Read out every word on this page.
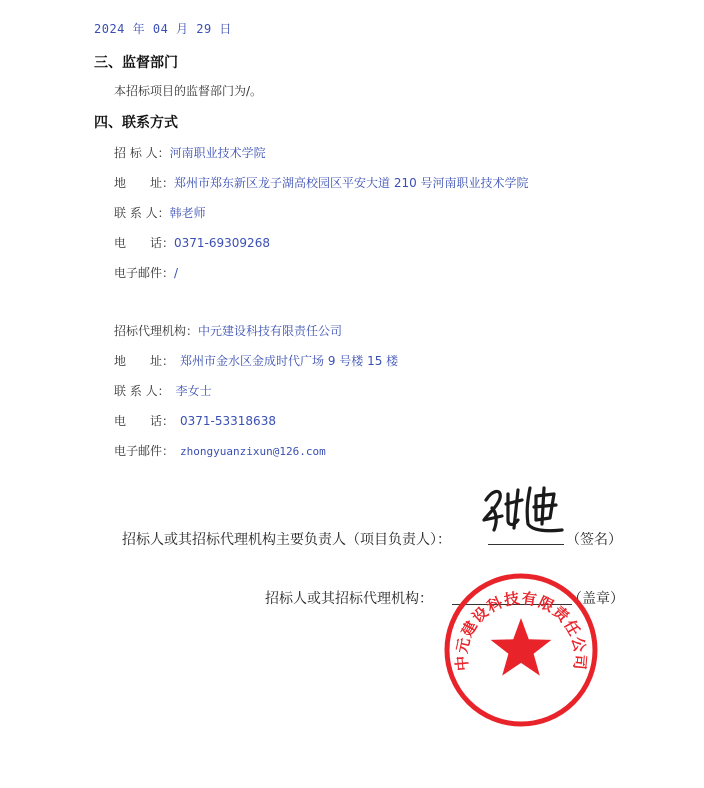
2024 年 04 月 29 日
三、监督部门
本招标项目的监督部门为/。
四、联系方式
招 标 人：河南职业技术学院
地　　址：郑州市郑东新区龙子湖高校园区平安大道 210 号河南职业技术学院
联 系 人：韩老师
电　　话：0371-69309268
电子邮件：/
招标代理机构：中元建设科技有限责任公司
地　　址： 郑州市金水区金成时代广场 9 号楼 15 楼
联 系 人： 李女士
电　　话： 0371-53318638
电子邮件： zhongyuanzixun@126.com
招标人或其招标代理机构主要负责人（项目负责人）：	（签名）
招标人或其招标代理机构：	（盖章）
中元建设科技有限责任公司
